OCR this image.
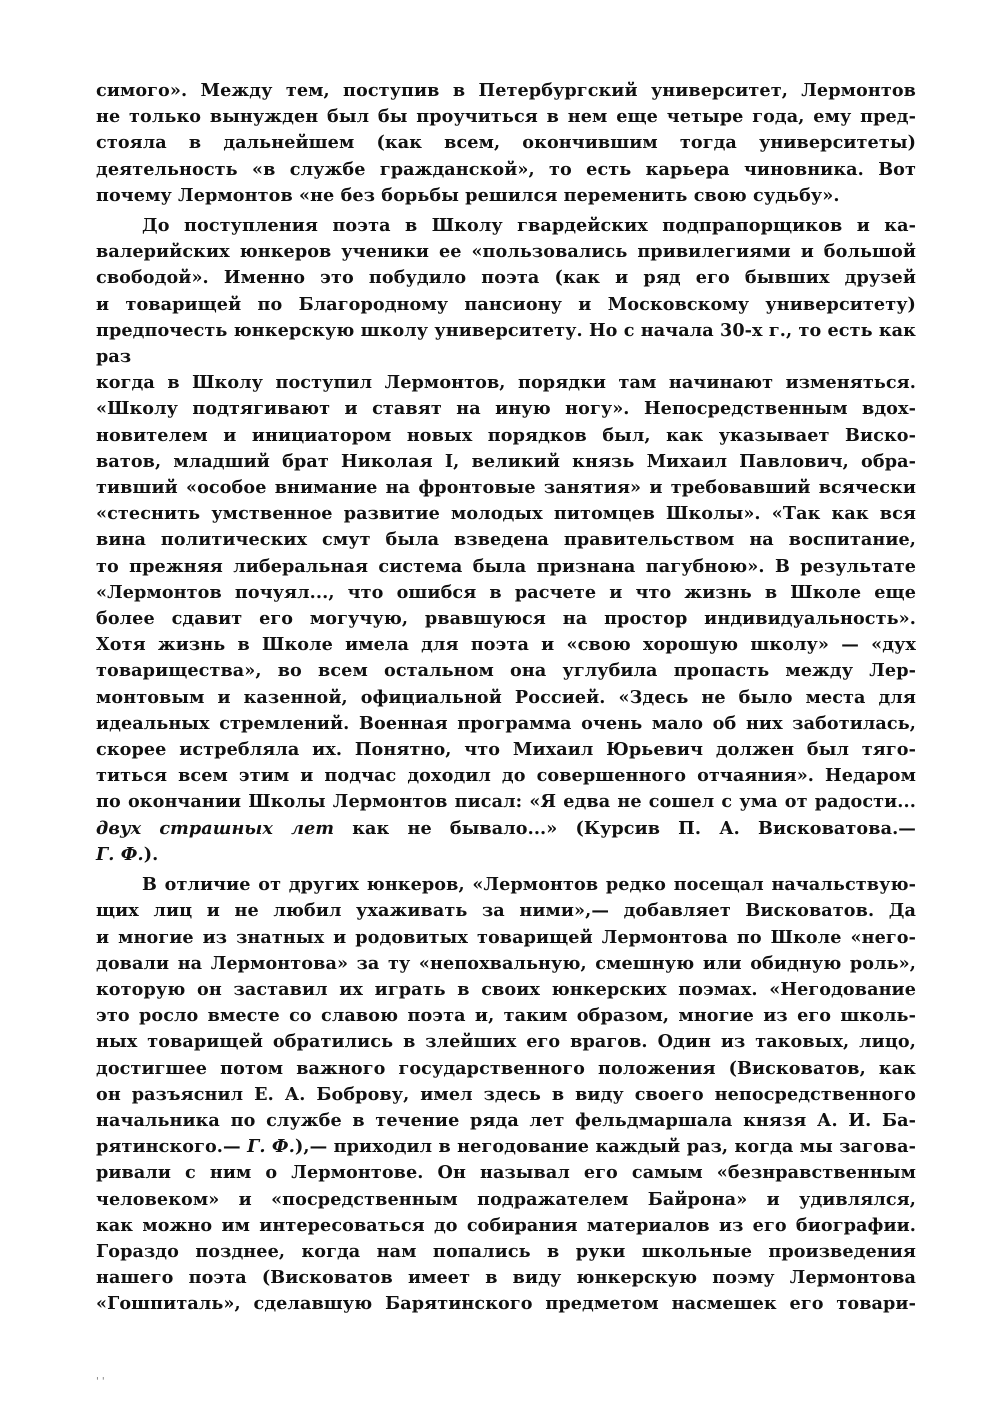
симого». Между тем, поступив в Петербургский университет, Лермонтов

не только вынужден был бы проучиться в нем еще четыре года, ему пред-

стояла в дальнейшем (как всем, окончившим тогда университеты)

деятельность «в службе гражданской», то есть карьера чиновника. Вот

почему Лермонтов «не без борьбы решился переменить свою судьбу».

До поступления поэта в Школу гвардейских подпрапорщиков и ка-

валерийских юнкеров ученики ее «пользовались привилегиями и большой

свободой». Именно это побудило поэта (как и ряд его бывших друзей

и товарищей по Благородному пансиону и Московскому университету)

предпочесть юнкерскую школу университету. Но с начала 30-х г., то есть как раз

когда в Школу поступил Лермонтов, порядки там начинают изменяться.

«Школу подтягивают и ставят на иную ногу». Непосредственным вдох-

новителем и инициатором новых порядков был, как указывает Виско-

ватов, младший брат Николая I, великий князь Михаил Павлович, обра-

тивший «особое внимание на фронтовые занятия» и требовавший всячески

«стеснить умственное развитие молодых питомцев Школы». «Так как вся

вина политических смут была взведена правительством на воспитание,

то прежняя либеральная система была признана пагубною». В результате

«Лермонтов почуял..., что ошибся в расчете и что жизнь в Школе еще

более сдавит его могучую, рвавшуюся на простор индивидуальность».

Хотя жизнь в Школе имела для поэта и «свою хорошую школу» — «дух

товарищества», во всем остальном она углубила пропасть между Лер-

монтовым и казенной, официальной Россией. «Здесь не было места для

идеальных стремлений. Военная программа очень мало об них заботилась,

скорее истребляла их. Понятно, что Михаил Юрьевич должен был тяго-

титься всем этим и подчас доходил до совершенного отчаяния». Недаром

по окончании Школы Лермонтов писал: «Я едва не сошел с ума от радости...

двух страшных лет как не бывало...» (Курсив П. А. Висковатова.—

Г. Ф.).

В отличие от других юнкеров, «Лермонтов редко посещал начальствую-

щих лиц и не любил ухаживать за ними»,— добавляет Висковатов. Да

и многие из знатных и родовитых товарищей Лермонтова по Школе «него-

довали на Лермонтова» за ту «непохвальную, смешную или обидную роль»,

которую он заставил их играть в своих юнкерских поэмах. «Негодование

это росло вместе со славою поэта и, таким образом, многие из его школь-

ных товарищей обратились в злейших его врагов. Один из таковых, лицо,

достигшее потом важного государственного положения (Висковатов, как

он разъяснил Е. А. Боброву, имел здесь в виду своего непосредственного

начальника по службе в течение ряда лет фельдмаршала князя А. И. Ба-

рятинского.— Г. Ф.),— приходил в негодование каждый раз, когда мы загова-

ривали с ним о Лермонтове. Он называл его самым «безнравственным

человеком» и «посредственным подражателем Байрона» и удивлялся,

как можно им интересоваться до собирания материалов из его биографии.

Гораздо позднее, когда нам попались в руки школьные произведения

нашего поэта (Висковатов имеет в виду юнкерскую поэму Лермонтова

«Гошпиталь», сделавшую Барятинского предметом насмешек его товари-

' '
